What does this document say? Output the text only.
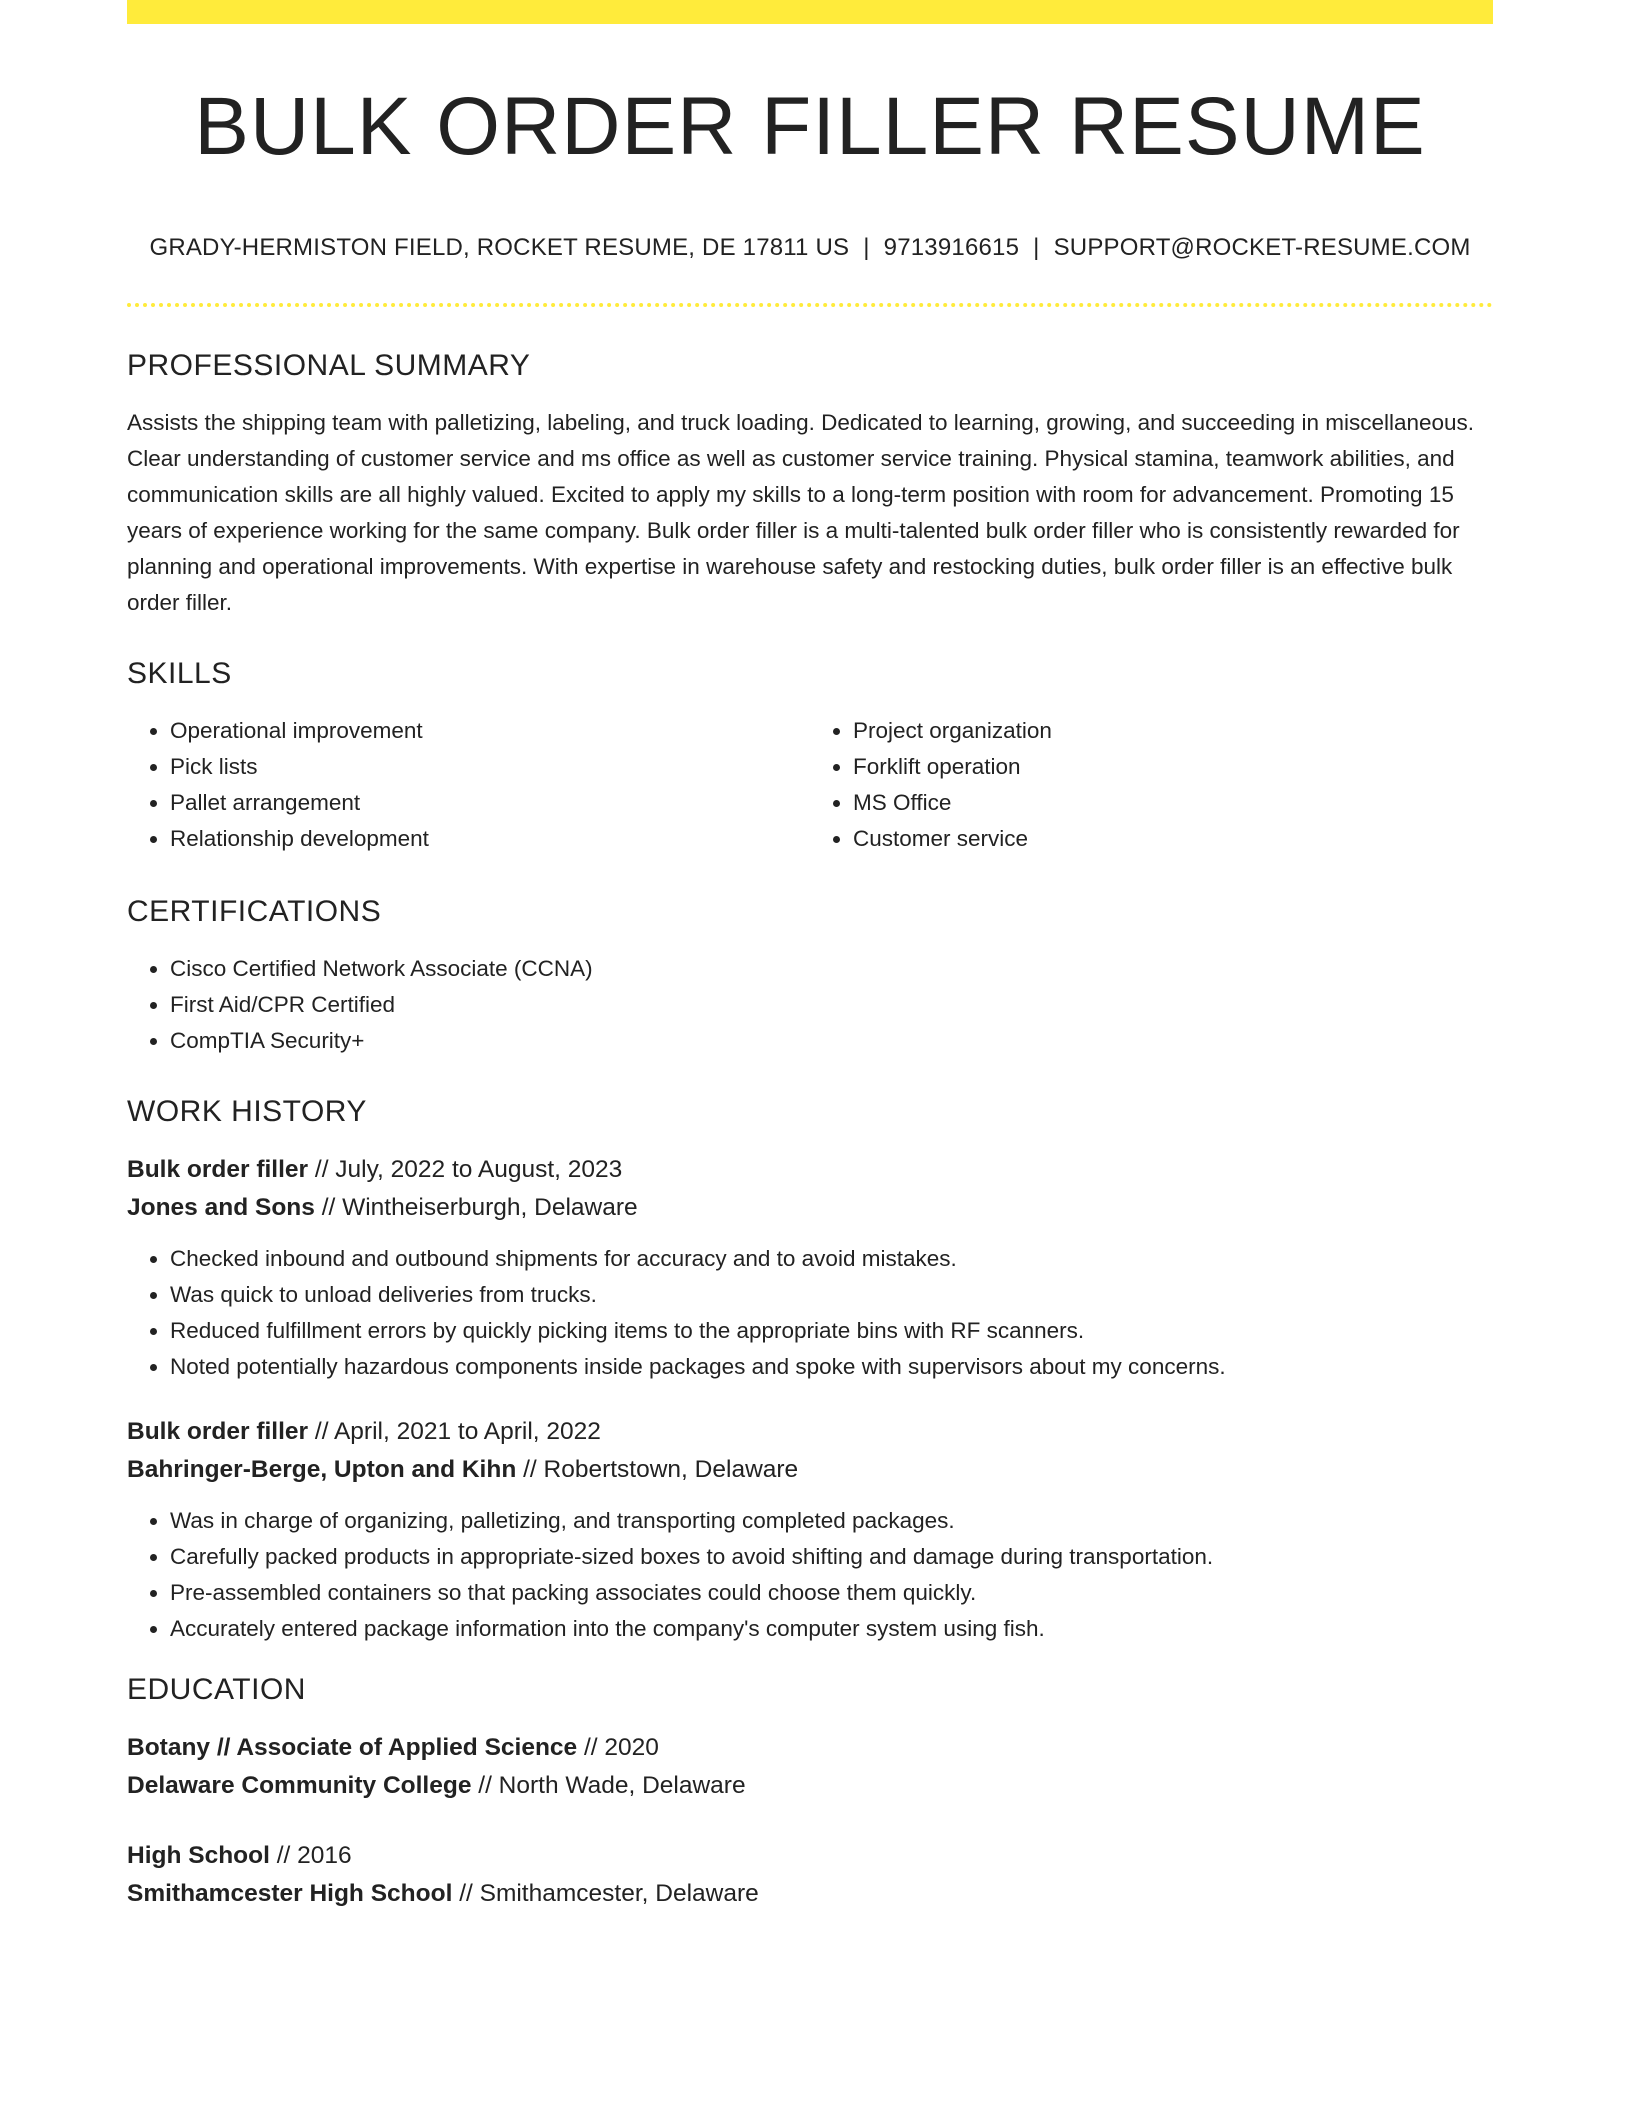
BULK ORDER FILLER RESUME
GRADY-HERMISTON FIELD, ROCKET RESUME, DE 17811 US | 9713916615 | SUPPORT@ROCKET-RESUME.COM
PROFESSIONAL SUMMARY

Assists the shipping team with palletizing, labeling, and truck loading. Dedicated to learning, growing, and succeeding in miscellaneous. Clear understanding of customer service and ms office as well as customer service training. Physical stamina, teamwork abilities, and communication skills are all highly valued. Excited to apply my skills to a long-term position with room for advancement. Promoting 15 years of experience working for the same company. Bulk order filler is a multi-talented bulk order filler who is consistently rewarded for planning and operational improvements. With expertise in warehouse safety and restocking duties, bulk order filler is an effective bulk order filler.

SKILLS
• Operational improvement
• Pick lists
• Pallet arrangement
• Relationship development
• Project organization
• Forklift operation
• MS Office
• Customer service
CERTIFICATIONS
• Cisco Certified Network Associate (CCNA)
• First Aid/CPR Certified
• CompTIA Security+
WORK HISTORY

Bulk order filler // July, 2022 to August, 2023

Jones and Sons // Wintheiserburgh, Delaware

• Checked inbound and outbound shipments for accuracy and to avoid mistakes.
• Was quick to unload deliveries from trucks.
• Reduced fulfillment errors by quickly picking items to the appropriate bins with RF scanners.
• Noted potentially hazardous components inside packages and spoke with supervisors about my concerns.

Bulk order filler // April, 2021 to April, 2022

Bahringer-Berge, Upton and Kihn // Robertstown, Delaware

• Was in charge of organizing, palletizing, and transporting completed packages.
• Carefully packed products in appropriate-sized boxes to avoid shifting and damage during transportation.
• Pre-assembled containers so that packing associates could choose them quickly.
• Accurately entered package information into the company's computer system using fish.
EDUCATION

Botany // Associate of Applied Science // 2020

Delaware Community College // North Wade, Delaware

High School // 2016

Smithamcester High School // Smithamcester, Delaware
